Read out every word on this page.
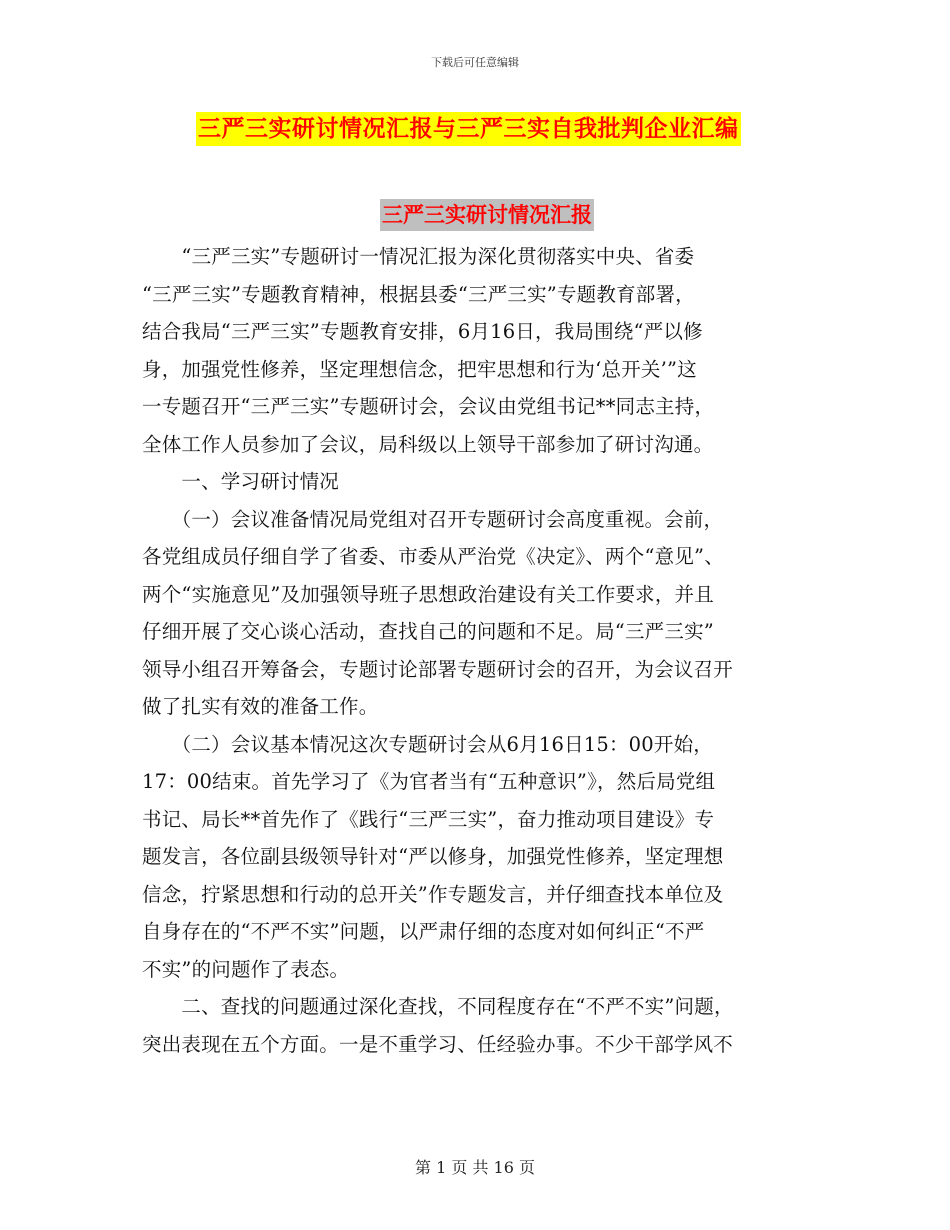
下载后可任意编辑
三严三实研讨情况汇报与三严三实自我批判企业汇编
三严三实研讨情况汇报
　　“三严三实”专题研讨一情况汇报为深化贯彻落实中央、省委
“三严三实”专题教育精神，根据县委“三严三实”专题教育部署，
结合我局“三严三实”专题教育安排，6月16日，我局围绕“严以修
身，加强党性修养，坚定理想信念，把牢思想和行为‘总开关’”这
一专题召开“三严三实”专题研讨会，会议由党组书记**同志主持，
全体工作人员参加了会议，局科级以上领导干部参加了研讨沟通。
　　一、学习研讨情况
　　（一）会议准备情况局党组对召开专题研讨会高度重视。会前，
各党组成员仔细自学了省委、市委从严治党《决定》、两个“意见”、
两个“实施意见”及加强领导班子思想政治建设有关工作要求，并且
仔细开展了交心谈心活动，查找自己的问题和不足。局“三严三实”
领导小组召开筹备会，专题讨论部署专题研讨会的召开，为会议召开
做了扎实有效的准备工作。
　　（二）会议基本情况这次专题研讨会从6月16日15：00开始，
17：00结束。首先学习了《为官者当有“五种意识”》，然后局党组
书记、局长**首先作了《践行“三严三实”，奋力推动项目建设》专
题发言，各位副县级领导针对“严以修身，加强党性修养，坚定理想
信念，拧紧思想和行动的总开关”作专题发言，并仔细查找本单位及
自身存在的“不严不实”问题，以严肃仔细的态度对如何纠正“不严
不实”的问题作了表态。
　　二、查找的问题通过深化查找，不同程度存在“不严不实”问题，
突出表现在五个方面。一是不重学习、任经验办事。不少干部学风不
第 1 页 共 16 页
